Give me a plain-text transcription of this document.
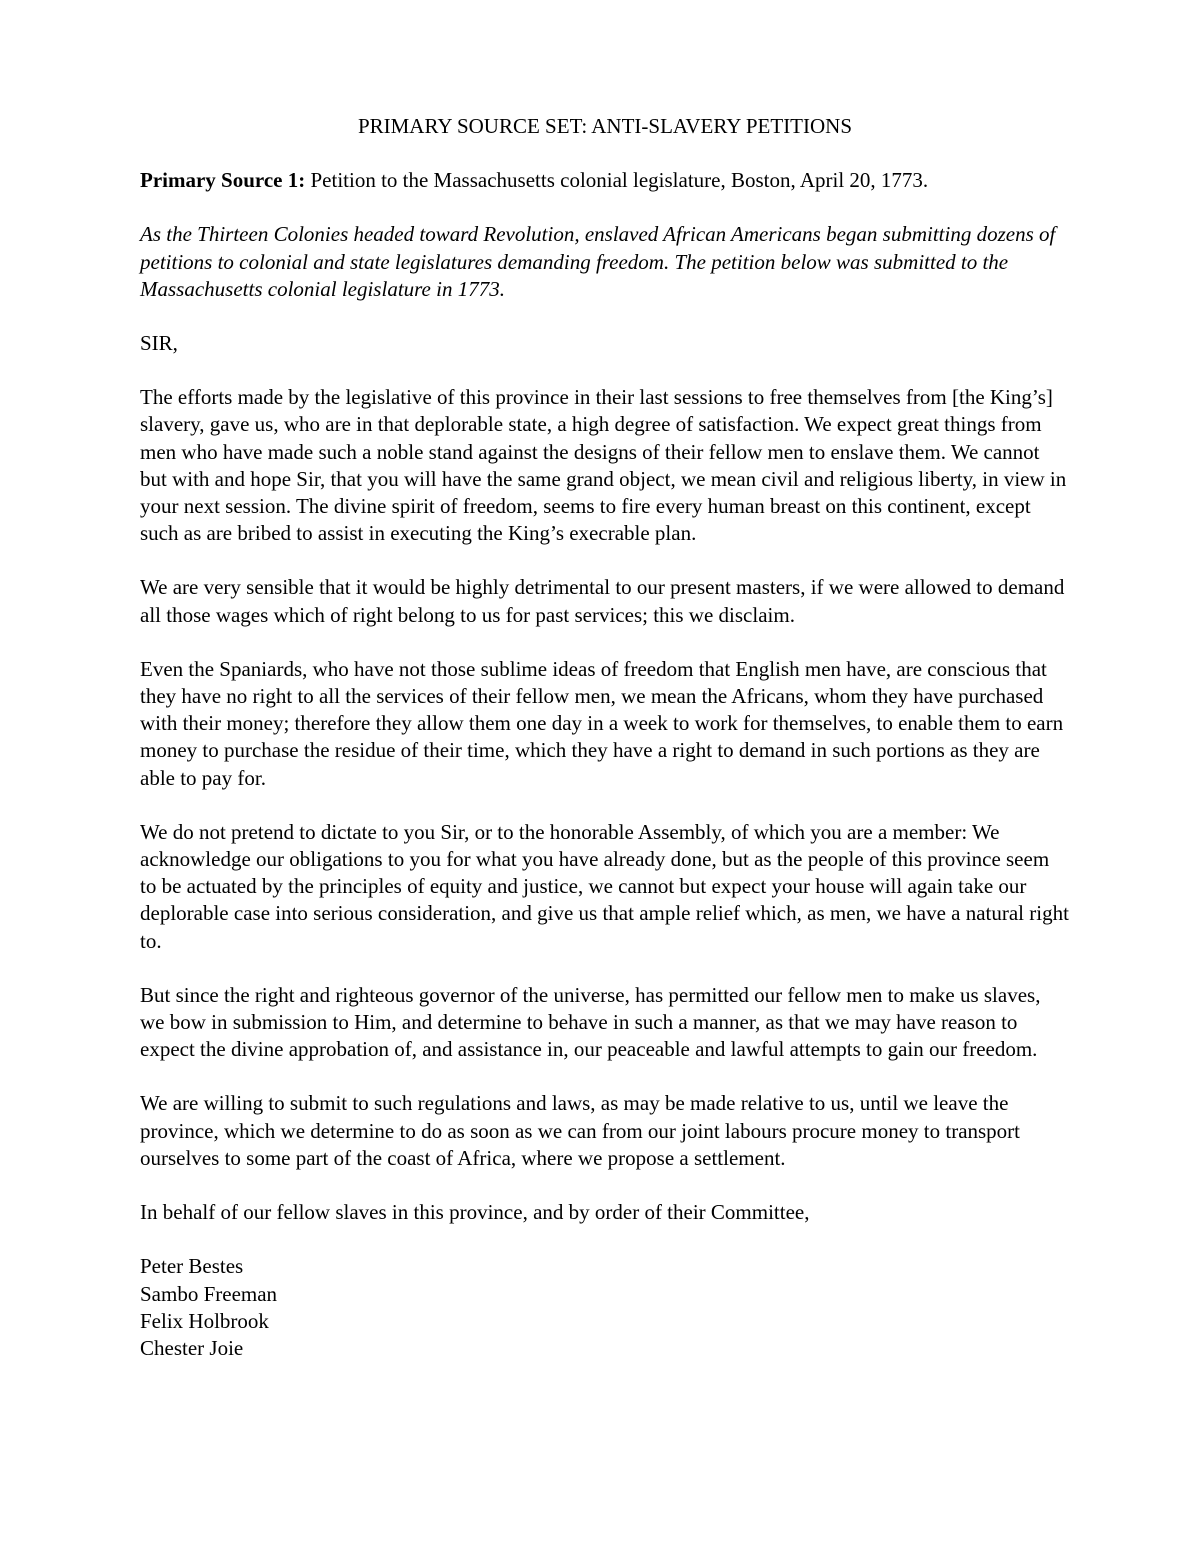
PRIMARY SOURCE SET: ANTI-SLAVERY PETITIONS
Primary Source 1: Petition to the Massachusetts colonial legislature, Boston, April 20, 1773.
As the Thirteen Colonies headed toward Revolution, enslaved African Americans began submitting dozens of petitions to colonial and state legislatures demanding freedom. The petition below was submitted to the Massachusetts colonial legislature in 1773.
SIR,
The efforts made by the legislative of this province in their last sessions to free themselves from [the King’s] slavery, gave us, who are in that deplorable state, a high degree of satisfaction. We expect great things from men who have made such a noble stand against the designs of their fellow men to enslave them. We cannot but with and hope Sir, that you will have the same grand object, we mean civil and religious liberty, in view in your next session. The divine spirit of freedom, seems to fire every human breast on this continent, except such as are bribed to assist in executing the King’s execrable plan.
We are very sensible that it would be highly detrimental to our present masters, if we were allowed to demand all those wages which of right belong to us for past services; this we disclaim.
Even the Spaniards, who have not those sublime ideas of freedom that English men have, are conscious that they have no right to all the services of their fellow men, we mean the Africans, whom they have purchased with their money; therefore they allow them one day in a week to work for themselves, to enable them to earn money to purchase the residue of their time, which they have a right to demand in such portions as they are able to pay for.
We do not pretend to dictate to you Sir, or to the honorable Assembly, of which you are a member: We acknowledge our obligations to you for what you have already done, but as the people of this province seem to be actuated by the principles of equity and justice, we cannot but expect your house will again take our deplorable case into serious consideration, and give us that ample relief which, as men, we have a natural right to.
But since the right and righteous governor of the universe, has permitted our fellow men to make us slaves, we bow in submission to Him, and determine to behave in such a manner, as that we may have reason to expect the divine approbation of, and assistance in, our peaceable and lawful attempts to gain our freedom.
We are willing to submit to such regulations and laws, as may be made relative to us, until we leave the province, which we determine to do as soon as we can from our joint labours procure money to transport ourselves to some part of the coast of Africa, where we propose a settlement.
In behalf of our fellow slaves in this province, and by order of their Committee,
Peter Bestes
Sambo Freeman
Felix Holbrook
Chester Joie
